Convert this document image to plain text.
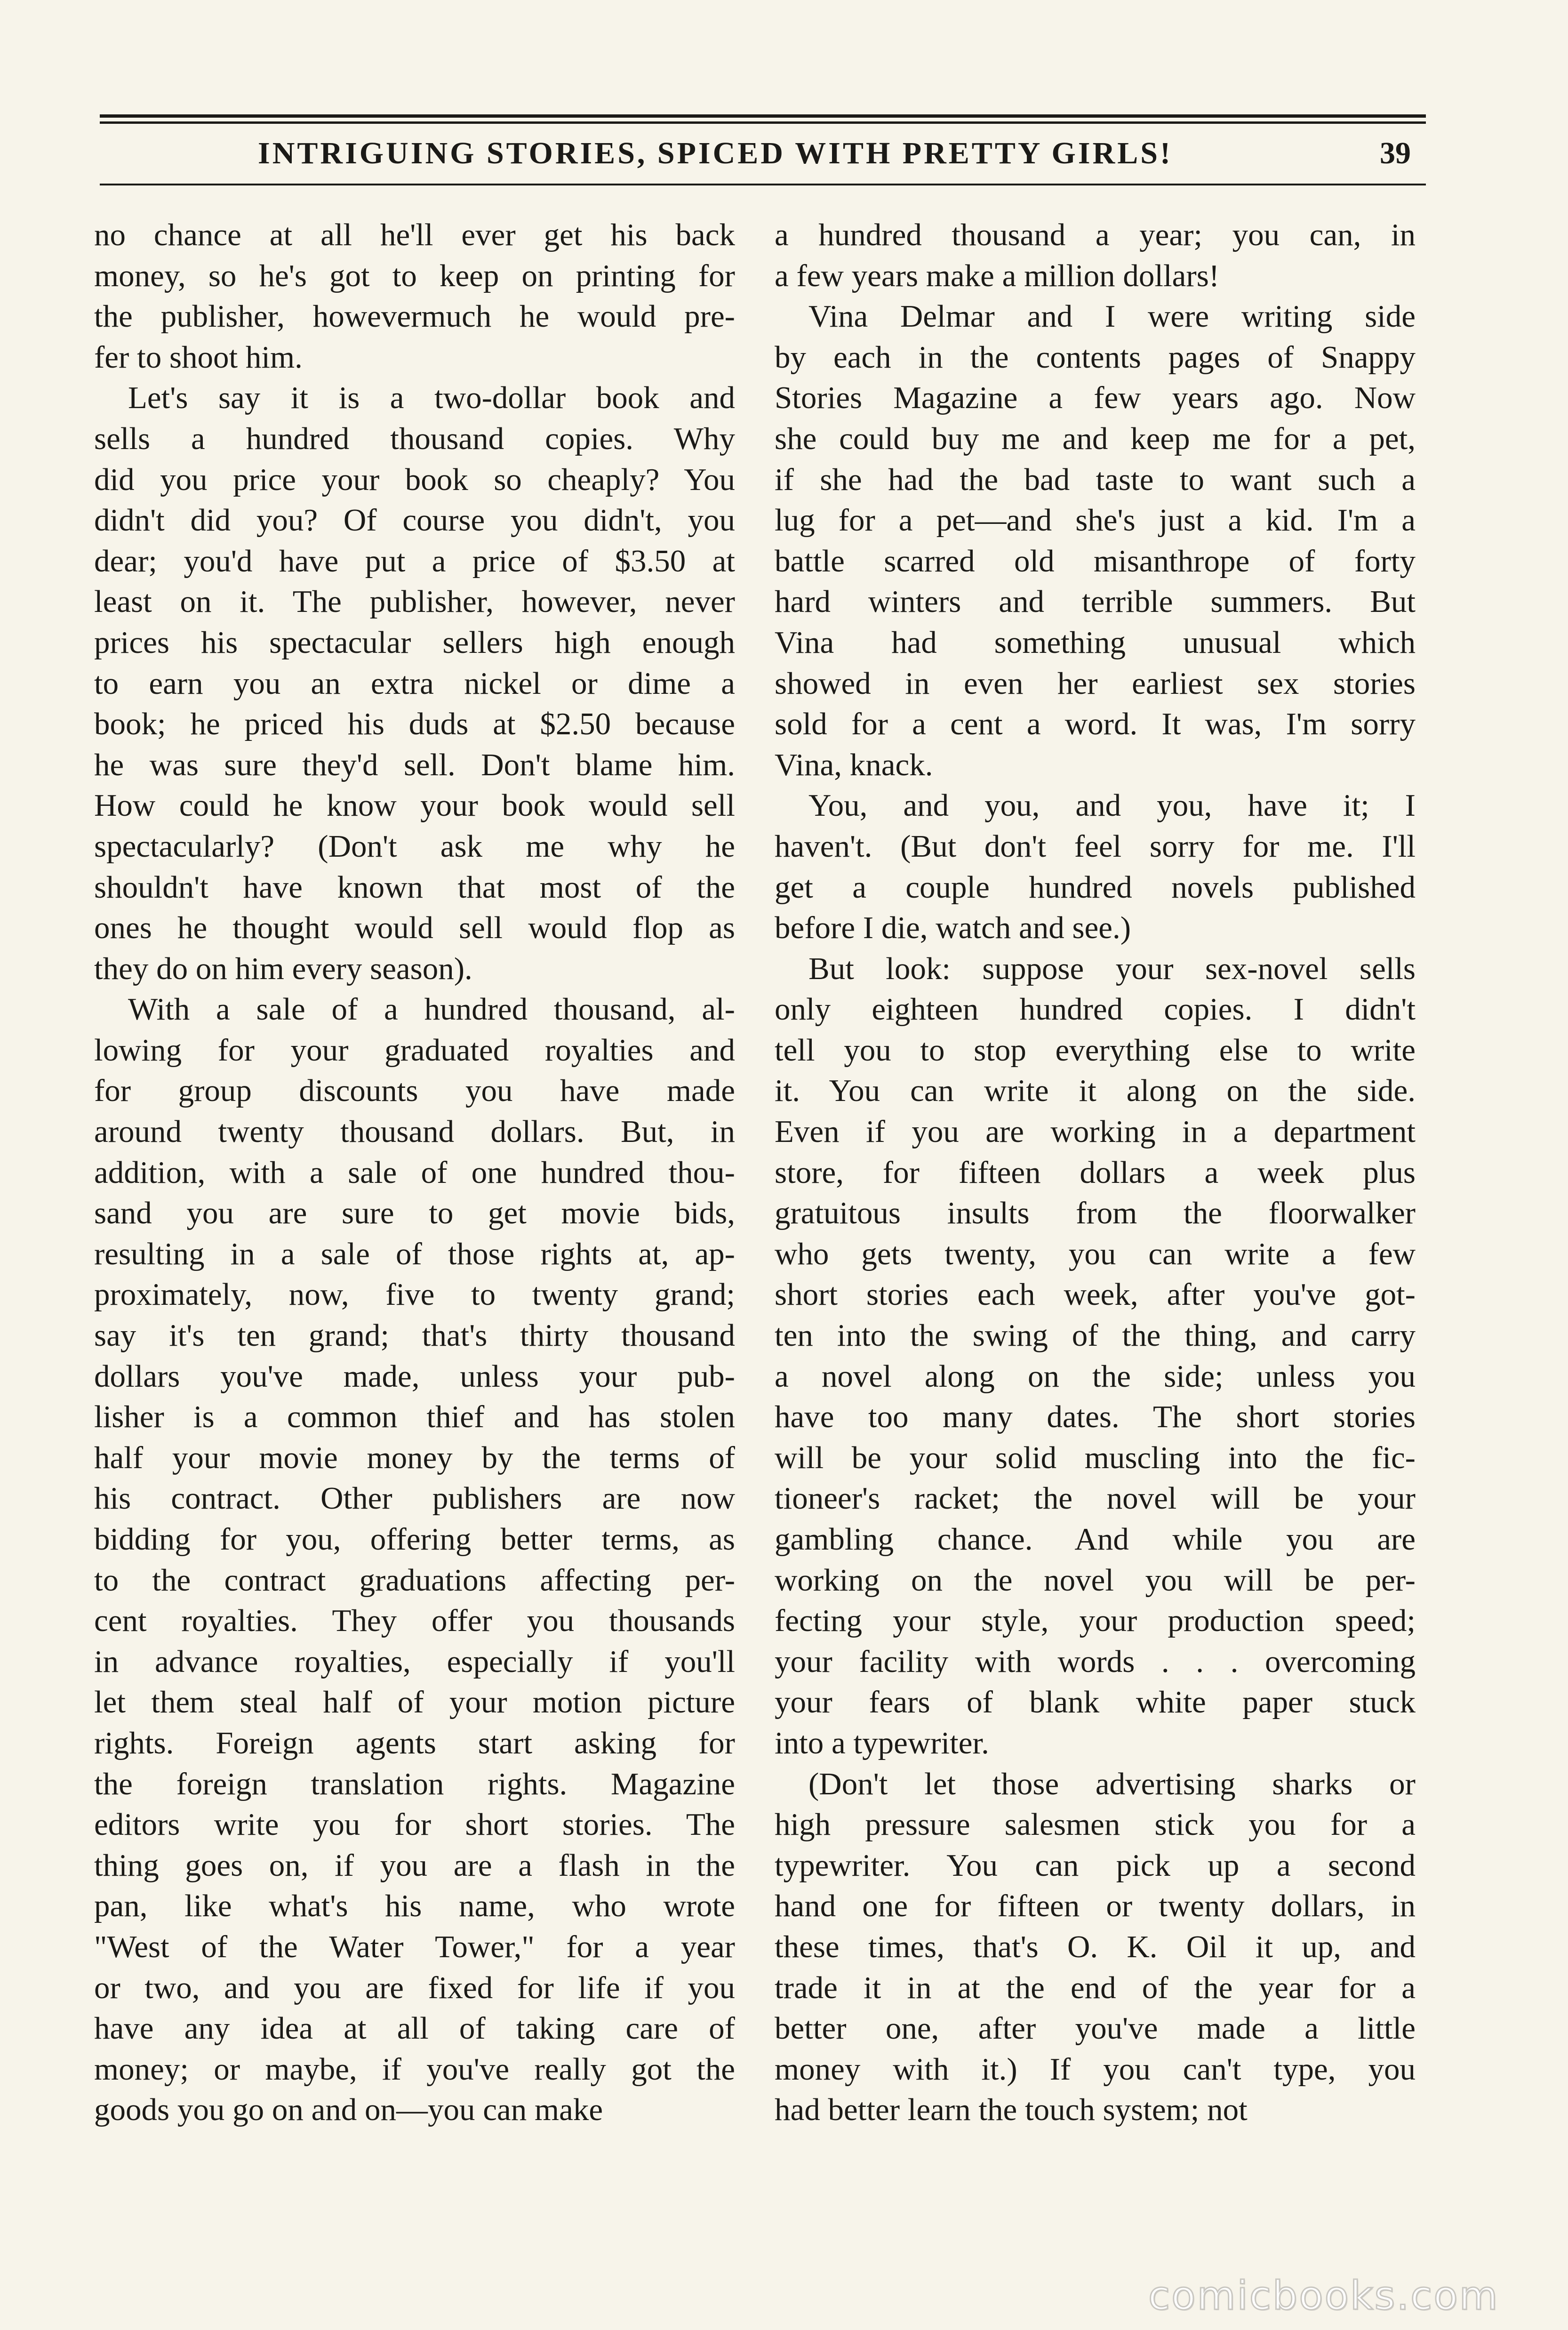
INTRIGUING STORIES, SPICED WITH PRETTY GIRLS!	39

no chance at all he'll ever get his back
money, so he's got to keep on printing for
the publisher, howevermuch he would pre-
fer to shoot him.

Let's say it is a two-dollar book and
sells a hundred thousand copies. Why
did you price your book so cheaply? You
didn't did you? Of course you didn't, you
dear; you'd have put a price of $3.50 at
least on it. The publisher, however, never
prices his spectacular sellers high enough
to earn you an extra nickel or dime a
book; he priced his duds at $2.50 because
he was sure they'd sell. Don't blame him.
How could he know your book would sell
spectacularly? (Don't ask me why he
shouldn't have known that most of the
ones he thought would sell would flop as
they do on him every season).

With a sale of a hundred thousand, al-
lowing for your graduated royalties and
for group discounts you have made
around twenty thousand dollars. But, in
addition, with a sale of one hundred thou-
sand you are sure to get movie bids,
resulting in a sale of those rights at, ap-
proximately, now, five to twenty grand;
say it's ten grand; that's thirty thousand
dollars you've made, unless your pub-
lisher is a common thief and has stolen
half your movie money by the terms of
his contract. Other publishers are now
bidding for you, offering better terms, as
to the contract graduations affecting per-
cent royalties. They offer you thousands
in advance royalties, especially if you'll
let them steal half of your motion picture
rights. Foreign agents start asking for
the foreign translation rights. Magazine
editors write you for short stories. The
thing goes on, if you are a flash in the
pan, like what's his name, who wrote
"West of the Water Tower," for a year
or two, and you are fixed for life if you
have any idea at all of taking care of
money; or maybe, if you've really got the
goods you go on and on—you can make

a hundred thousand a year; you can, in
a few years make a million dollars!

Vina Delmar and I were writing side
by each in the contents pages of Snappy
Stories Magazine a few years ago. Now
she could buy me and keep me for a pet,
if she had the bad taste to want such a
lug for a pet—and she's just a kid. I'm a
battle scarred old misanthrope of forty
hard winters and terrible summers. But
Vina had something unusual which
showed in even her earliest sex stories
sold for a cent a word. It was, I'm sorry
Vina, knack.

You, and you, and you, have it; I
haven't. (But don't feel sorry for me. I'll
get a couple hundred novels published
before I die, watch and see.)

But look: suppose your sex-novel sells
only eighteen hundred copies. I didn't
tell you to stop everything else to write
it. You can write it along on the side.
Even if you are working in a department
store, for fifteen dollars a week plus
gratuitous insults from the floorwalker
who gets twenty, you can write a few
short stories each week, after you've got-
ten into the swing of the thing, and carry
a novel along on the side; unless you
have too many dates. The short stories
will be your solid muscling into the fic-
tioneer's racket; the novel will be your
gambling chance. And while you are
working on the novel you will be per-
fecting your style, your production speed;
your facility with words . . . overcoming
your fears of blank white paper stuck
into a typewriter.

(Don't let those advertising sharks or
high pressure salesmen stick you for a
typewriter. You can pick up a second
hand one for fifteen or twenty dollars, in
these times, that's O. K. Oil it up, and
trade it in at the end of the year for a
better one, after you've made a little
money with it.) If you can't type, you
had better learn the touch system; not

comicbooks.com
